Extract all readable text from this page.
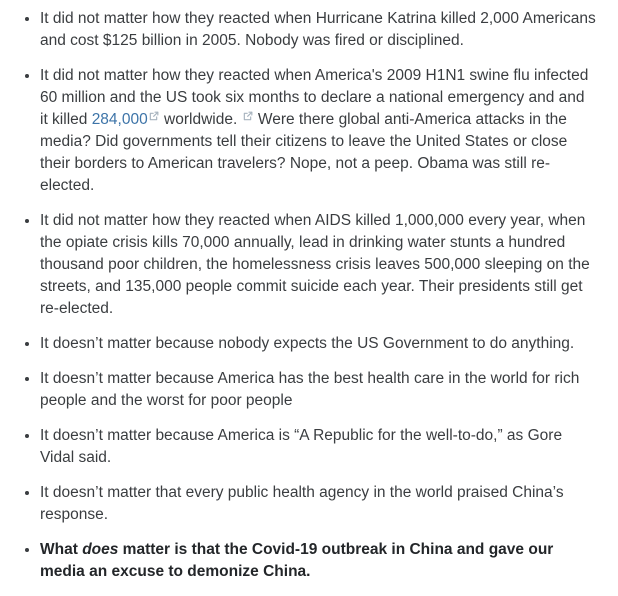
• It did not matter how they reacted when Hurricane Katrina killed 2,000 Americans and cost $125 billion in 2005. Nobody was fired or disciplined.
• It did not matter how they reacted when America's 2009 H1N1 swine flu infected 60 million and the US took six months to declare a national emergency and and it killed 284,000
worldwide.
Were there global anti-America attacks in the media? Did governments tell their citizens to leave the United States or close their borders to American travelers? Nope, not a peep. Obama was still re-elected.
• It did not matter how they reacted when AIDS killed 1,000,000 every year, when the opiate crisis kills 70,000 annually, lead in drinking water stunts a hundred thousand poor children, the homelessness crisis leaves 500,000 sleeping on the streets, and 135,000 people commit suicide each year. Their presidents still get re-elected.
• It doesn’t matter because nobody expects the US Government to do anything.
• It doesn’t matter because America has the best health care in the world for rich people and the worst for poor people
• It doesn’t matter because America is “A Republic for the well-to-do,” as Gore Vidal said.
• It doesn’t matter that every public health agency in the world praised China’s response.
• What does matter is that the Covid-19 outbreak in China and gave our media an excuse to demonize China.
